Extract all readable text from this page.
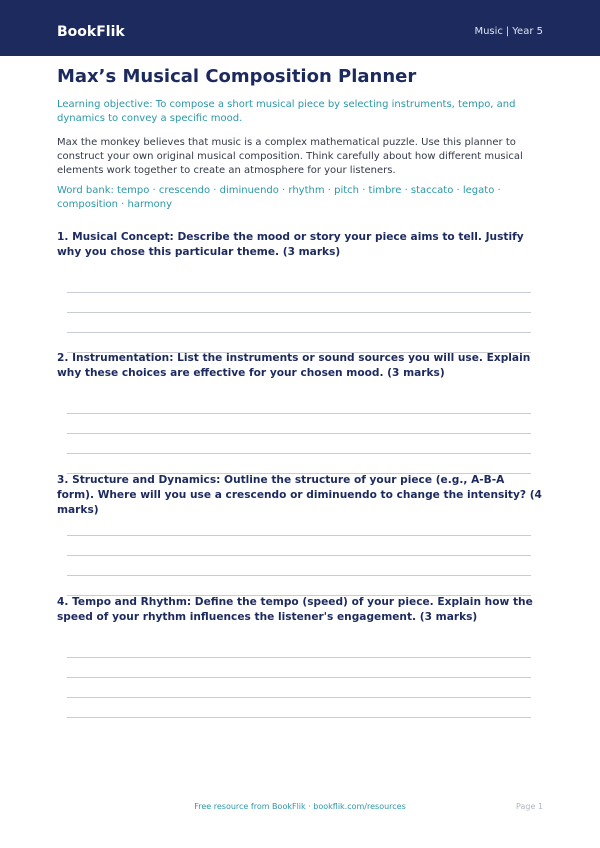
BookFlik	Music | Year 5
Max’s Musical Composition Planner

Learning objective: To compose a short musical piece by selecting instruments, tempo, and dynamics to convey a specific mood.

Max the monkey believes that music is a complex mathematical puzzle. Use this planner to construct your own original musical composition. Think carefully about how different musical elements work together to create an atmosphere for your listeners.

Word bank: tempo · crescendo · diminuendo · rhythm · pitch · timbre · staccato · legato · composition · harmony

1. Musical Concept: Describe the mood or story your piece aims to tell. Justify why you chose this particular theme. (3 marks)

2. Instrumentation: List the instruments or sound sources you will use. Explain why these choices are effective for your chosen mood. (3 marks)

3. Structure and Dynamics: Outline the structure of your piece (e.g., A-B-A form). Where will you use a crescendo or diminuendo to change the intensity? (4 marks)

4. Tempo and Rhythm: Define the tempo (speed) of your piece. Explain how the speed of your rhythm influences the listener's engagement. (3 marks)

Free resource from BookFlik · bookflik.com/resources	Page 1
